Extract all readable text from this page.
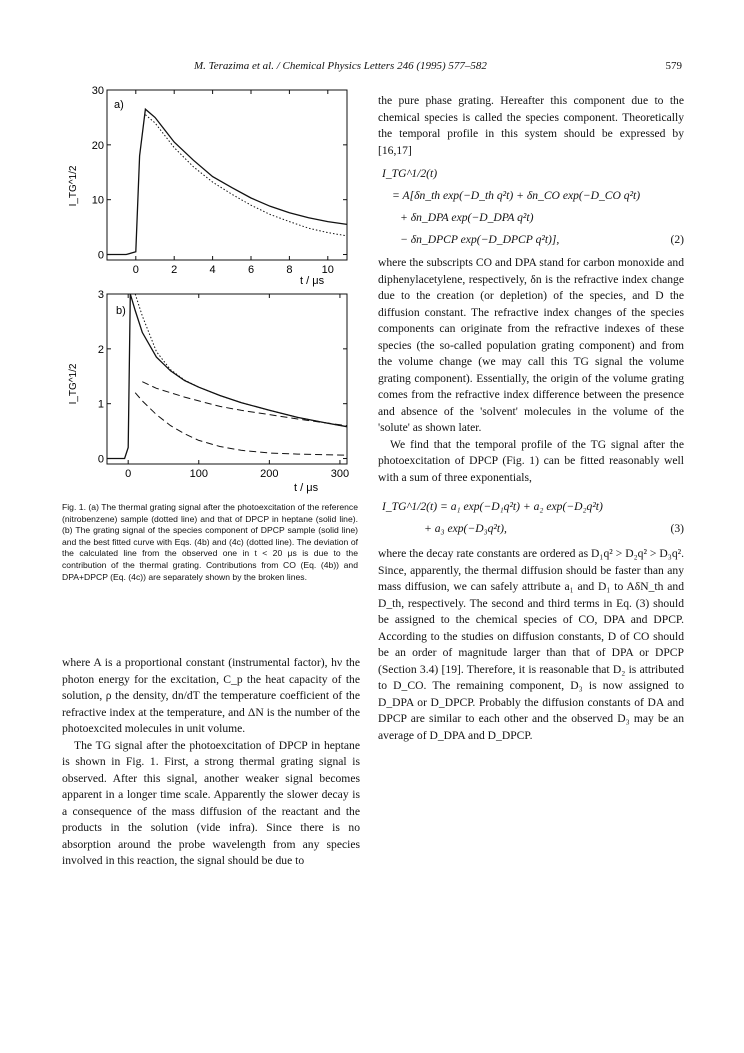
M. Terazima et al. / Chemical Physics Letters 246 (1995) 577–582	579
a)
I_TG^1/2
t / μs
0	2	4	6	8	10
0
10
20
30
b)
I_TG^1/2
t / μs
0	100	200	300
0
1
2
3
Fig. 1. (a) The thermal grating signal after the photoexcitation of the reference (nitrobenzene) sample (dotted line) and that of DPCP in heptane (solid line). (b) The grating signal of the species component of DPCP sample (solid line) and the best fitted curve with Eqs. (4b) and (4c) (dotted line). The deviation of the calculated line from the observed one in t < 20 μs is due to the contribution of the thermal grating. Contributions from CO (Eq. (4b)) and DPA+DPCP (Eq. (4c)) are separately shown by the broken lines.

where A is a proportional constant (instrumental factor), hν the photon energy for the excitation, C_p the heat capacity of the solution, ρ the density, dn/dT the temperature coefficient of the refractive index at the temperature, and ΔN is the number of the photoexcited molecules in unit volume.

The TG signal after the photoexcitation of DPCP in heptane is shown in Fig. 1. First, a strong thermal grating signal is observed. After this signal, another weaker signal becomes apparent in a longer time scale. Apparently the slower decay is a consequence of the mass diffusion of the reactant and the products in the solution (vide infra). Since there is no absorption around the probe wavelength from any species involved in this reaction, the signal should be due to

the pure phase grating. Hereafter this component due to the chemical species is called the species component. Theoretically the temporal profile in this system should be expressed by [16,17]

I_TG^1/2(t)
= A[δn_th exp(−D_th q²t) + δn_CO exp(−D_CO q²t)
+ δn_DPA exp(−D_DPA q²t)
− δn_DPCP exp(−D_DPCP q²t)],	(2)

where the subscripts CO and DPA stand for carbon monoxide and diphenylacetylene, respectively, δn is the refractive index change due to the creation (or depletion) of the species, and D the diffusion constant. The refractive index changes of the species components can originate from the refractive indexes of these species (the so-called population grating component) and from the volume change (we may call this TG signal the volume grating component). Essentially, the origin of the volume grating comes from the refractive index difference between the presence and absence of the 'solvent' molecules in the volume of the 'solute' as shown later.

We find that the temporal profile of the TG signal after the photoexcitation of DPCP (Fig. 1) can be fitted reasonably well with a sum of three exponentials,

I_TG^1/2(t) = a₁ exp(−D₁q²t) + a₂ exp(−D₂q²t)
+ a₃ exp(−D₃q²t),	(3)

where the decay rate constants are ordered as D₁q² > D₂q² > D₃q². Since, apparently, the thermal diffusion should be faster than any mass diffusion, we can safely attribute a₁ and D₁ to AδN_th and D_th, respectively. The second and third terms in Eq. (3) should be assigned to the chemical species of CO, DPA and DPCP. According to the studies on diffusion constants, D of CO should be an order of magnitude larger than that of DPA or DPCP (Section 3.4) [19]. Therefore, it is reasonable that D₂ is attributed to D_CO. The remaining component, D₃ is now assigned to D_DPA or D_DPCP. Probably the diffusion constants of DA and DPCP are similar to each other and the observed D₃ may be an average of D_DPA and D_DPCP.
